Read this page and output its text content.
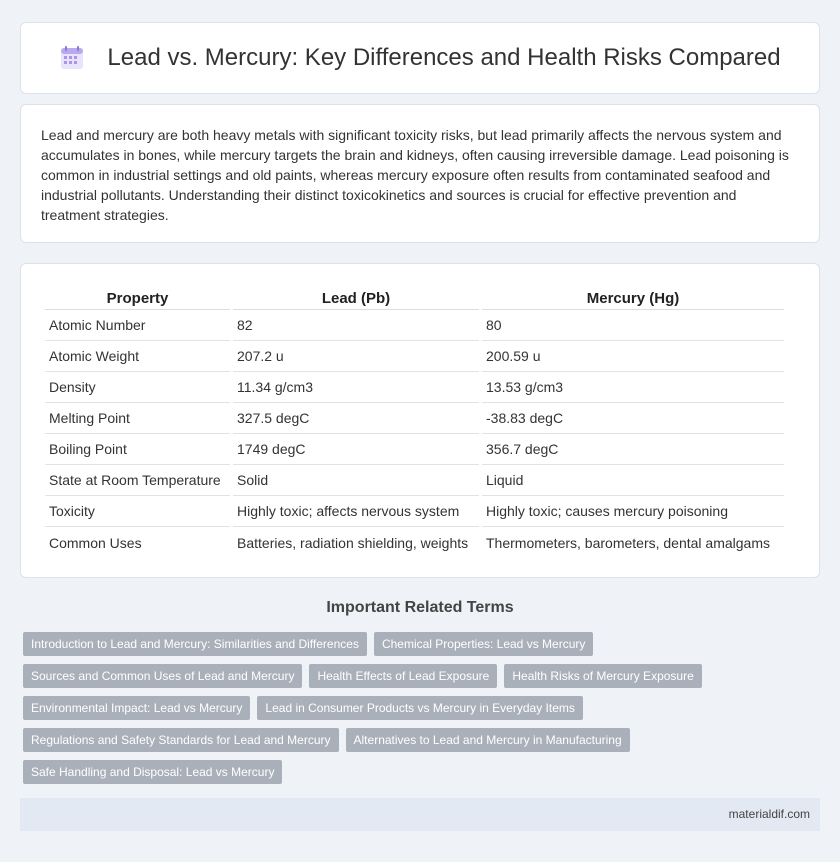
Lead vs. Mercury: Key Differences and Health Risks Compared

Lead and mercury are both heavy metals with significant toxicity risks, but lead primarily affects the nervous system and accumulates in bones, while mercury targets the brain and kidneys, often causing irreversible damage. Lead poisoning is common in industrial settings and old paints, whereas mercury exposure often results from contaminated seafood and industrial pollutants. Understanding their distinct toxicokinetics and sources is crucial for effective prevention and treatment strategies.

Property	Lead (Pb)	Mercury (Hg)
Atomic Number	82	80
Atomic Weight	207.2 u	200.59 u
Density	11.34 g/cm3	13.53 g/cm3
Melting Point	327.5 degC	-38.83 degC
Boiling Point	1749 degC	356.7 degC
State at Room Temperature	Solid	Liquid
Toxicity	Highly toxic; affects nervous system	Highly toxic; causes mercury poisoning
Common Uses	Batteries, radiation shielding, weights	Thermometers, barometers, dental amalgams
Important Related Terms
Introduction to Lead and Mercury: Similarities and Differences	Chemical Properties: Lead vs Mercury
Sources and Common Uses of Lead and Mercury	Health Effects of Lead Exposure	Health Risks of Mercury Exposure
Environmental Impact: Lead vs Mercury	Lead in Consumer Products vs Mercury in Everyday Items
Regulations and Safety Standards for Lead and Mercury	Alternatives to Lead and Mercury in Manufacturing
Safe Handling and Disposal: Lead vs Mercury
materialdif.com
